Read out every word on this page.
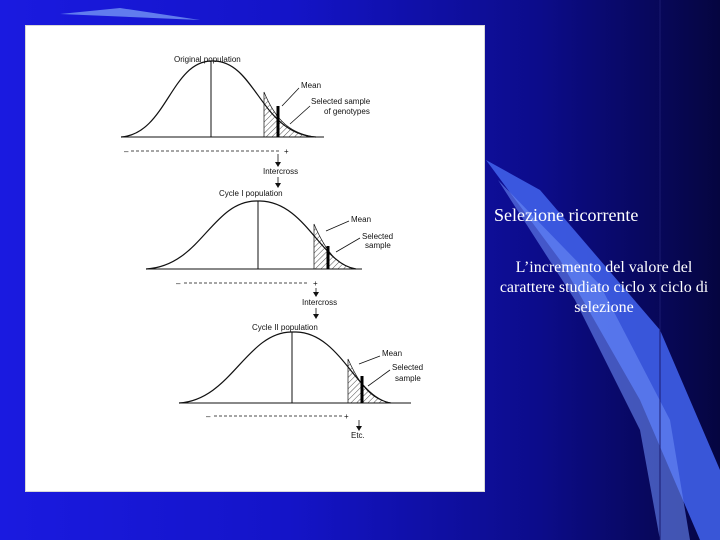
Original population
Mean
Selected sample
of genotypes
–	+
Intercross
Cycle I population
Mean
Selected
sample
–	+
Intercross
Cycle II population
Mean
Selected
sample
–	+
Etc.
Selezione ricorrente
L’incremento del valore del carattere studiato ciclo x ciclo di selezione
